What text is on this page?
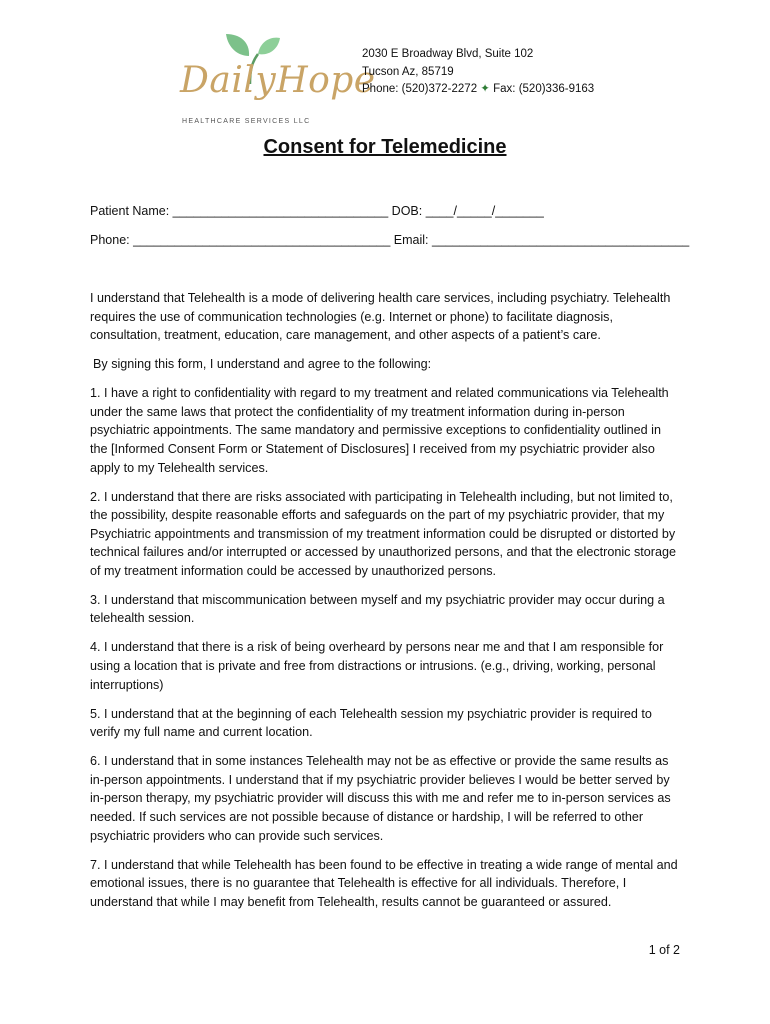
DailyHope
HEALTHCARE SERVICES LLC
2030 E Broadway Blvd, Suite 102
Tucson Az, 85719
Phone: (520)372-2272 ✦ Fax: (520)336-9163
Consent for Telemedicine
Patient Name: _______________________________ DOB: ____/_____/_______
Phone: _____________________________________ Email: _____________________________________

I understand that Telehealth is a mode of delivering health care services, including psychiatry. Telehealth requires the use of communication technologies (e.g. Internet or phone) to facilitate diagnosis, consultation, treatment, education, care management, and other aspects of a patient’s care.

By signing this form, I understand and agree to the following:

1. I have a right to confidentiality with regard to my treatment and related communications via Telehealth under the same laws that protect the confidentiality of my treatment information during in-person psychiatric appointments. The same mandatory and permissive exceptions to confidentiality outlined in the [Informed Consent Form or Statement of Disclosures] I received from my psychiatric provider also apply to my Telehealth services.

2. I understand that there are risks associated with participating in Telehealth including, but not limited to, the possibility, despite reasonable efforts and safeguards on the part of my psychiatric provider, that my Psychiatric appointments and transmission of my treatment information could be disrupted or distorted by technical failures and/or interrupted or accessed by unauthorized persons, and that the electronic storage of my treatment information could be accessed by unauthorized persons.

3. I understand that miscommunication between myself and my psychiatric provider may occur during a telehealth session.

4. I understand that there is a risk of being overheard by persons near me and that I am responsible for using a location that is private and free from distractions or intrusions. (e.g., driving, working, personal interruptions)

5. I understand that at the beginning of each Telehealth session my psychiatric provider is required to verify my full name and current location.

6. I understand that in some instances Telehealth may not be as effective or provide the same results as in-person appointments. I understand that if my psychiatric provider believes I would be better served by in-person therapy, my psychiatric provider will discuss this with me and refer me to in-person services as needed. If such services are not possible because of distance or hardship, I will be referred to other psychiatric providers who can provide such services.

7. I understand that while Telehealth has been found to be effective in treating a wide range of mental and emotional issues, there is no guarantee that Telehealth is effective for all individuals. Therefore, I understand that while I may benefit from Telehealth, results cannot be guaranteed or assured.

1 of 2
